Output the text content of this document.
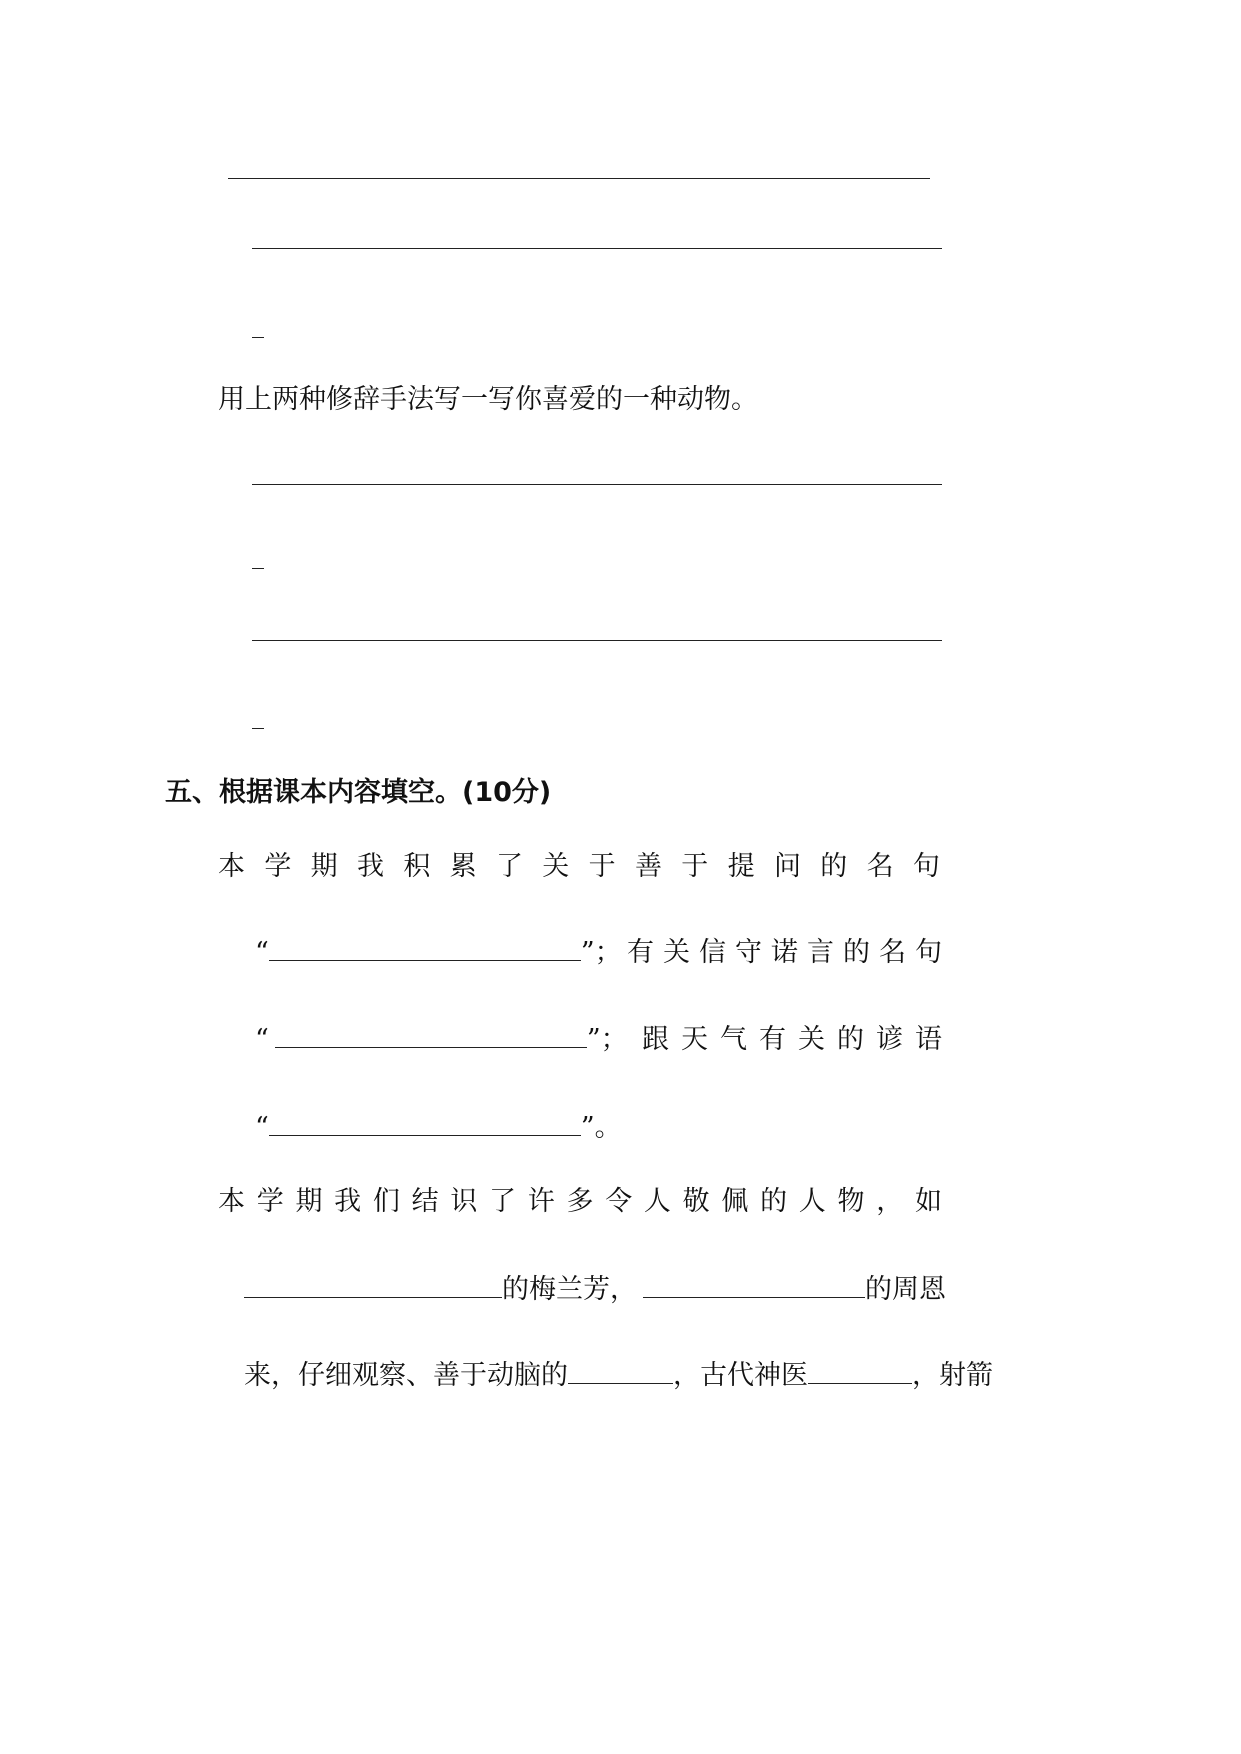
用上两种修辞手法写一写你喜爱的一种动物。
五、根据课本内容填空。(10分)
本 学 期 我 积 累 了 关 于 善 于 提 问 的 名 句
“	”； 有关信守诺言的名句
“	”； 跟天气有关的谚语
“	”。
本 学 期 我 们 结 识 了 许 多 令 人 敬 佩 的 人 物 ， 如
的梅兰芳，	的周恩
来，仔细观察、善于动脑的	，古代神医	，射箭
